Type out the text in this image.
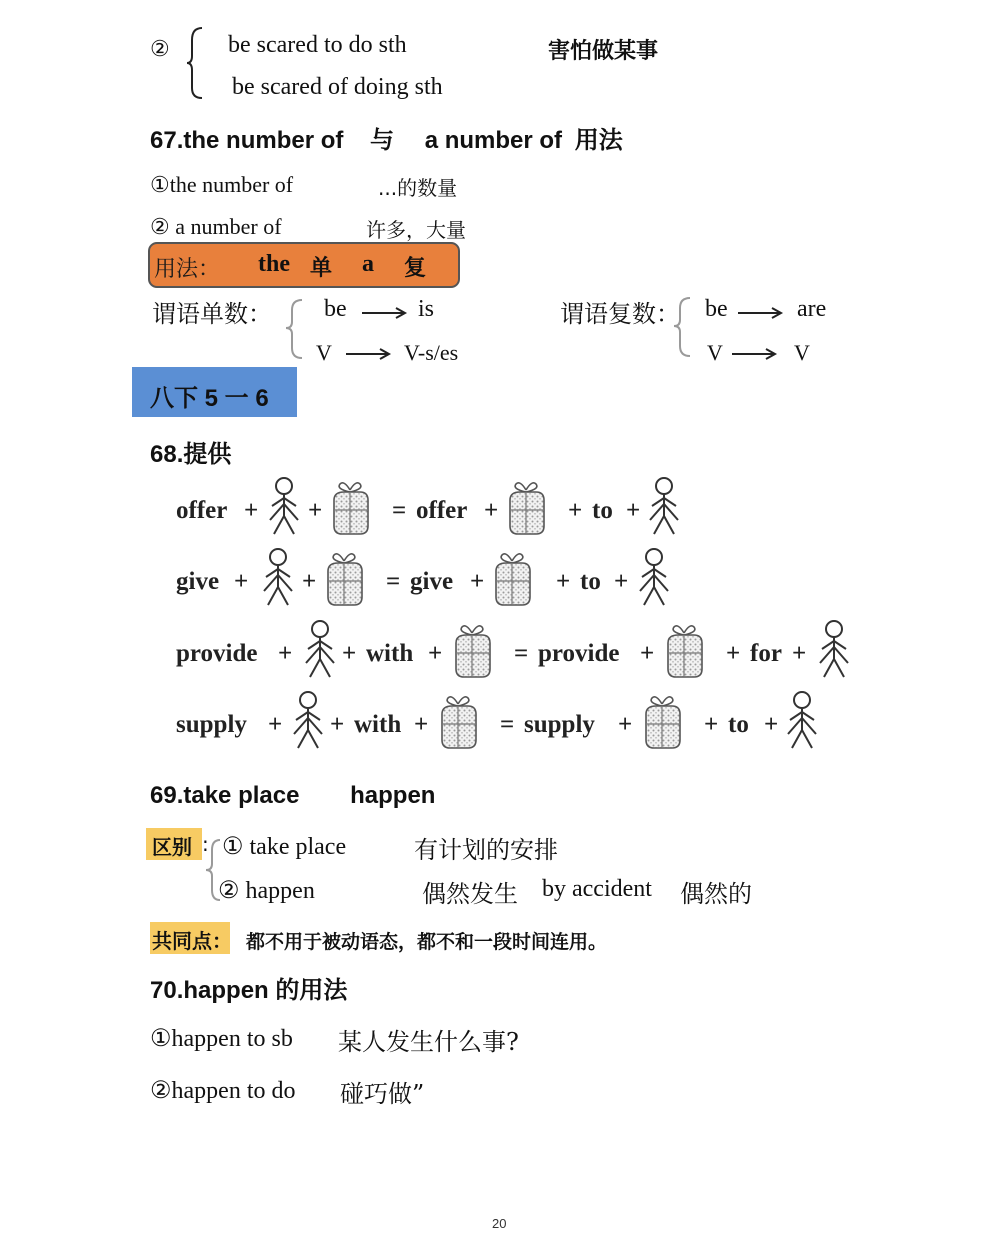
② be scared to do sth	害怕做某事
be scared of doing sth
67.the number of 与 a number of 用法
①the number of	...的数量
② a number of	许多，大量
用法： the 单 a 复
谓语单数： be	is
V	V-s/es
谓语复数： be	are
V	V
八下 5 一 6
68.提供
offer + +	= offer +	+ to +
give + +	= give +	+ to +
provide + + with +	= provide +	+ for +
supply + + with +	= supply +	+ to +
69.take place happen
区别 : ① take place	有计划的安排
② happen	偶然发生 by accident 偶然的
共同点： 都不用于被动语态，都不和一段时间连用。
70.happen 的用法
①happen to sb 某人发生什么事?
②happen to do 碰巧做”
20
